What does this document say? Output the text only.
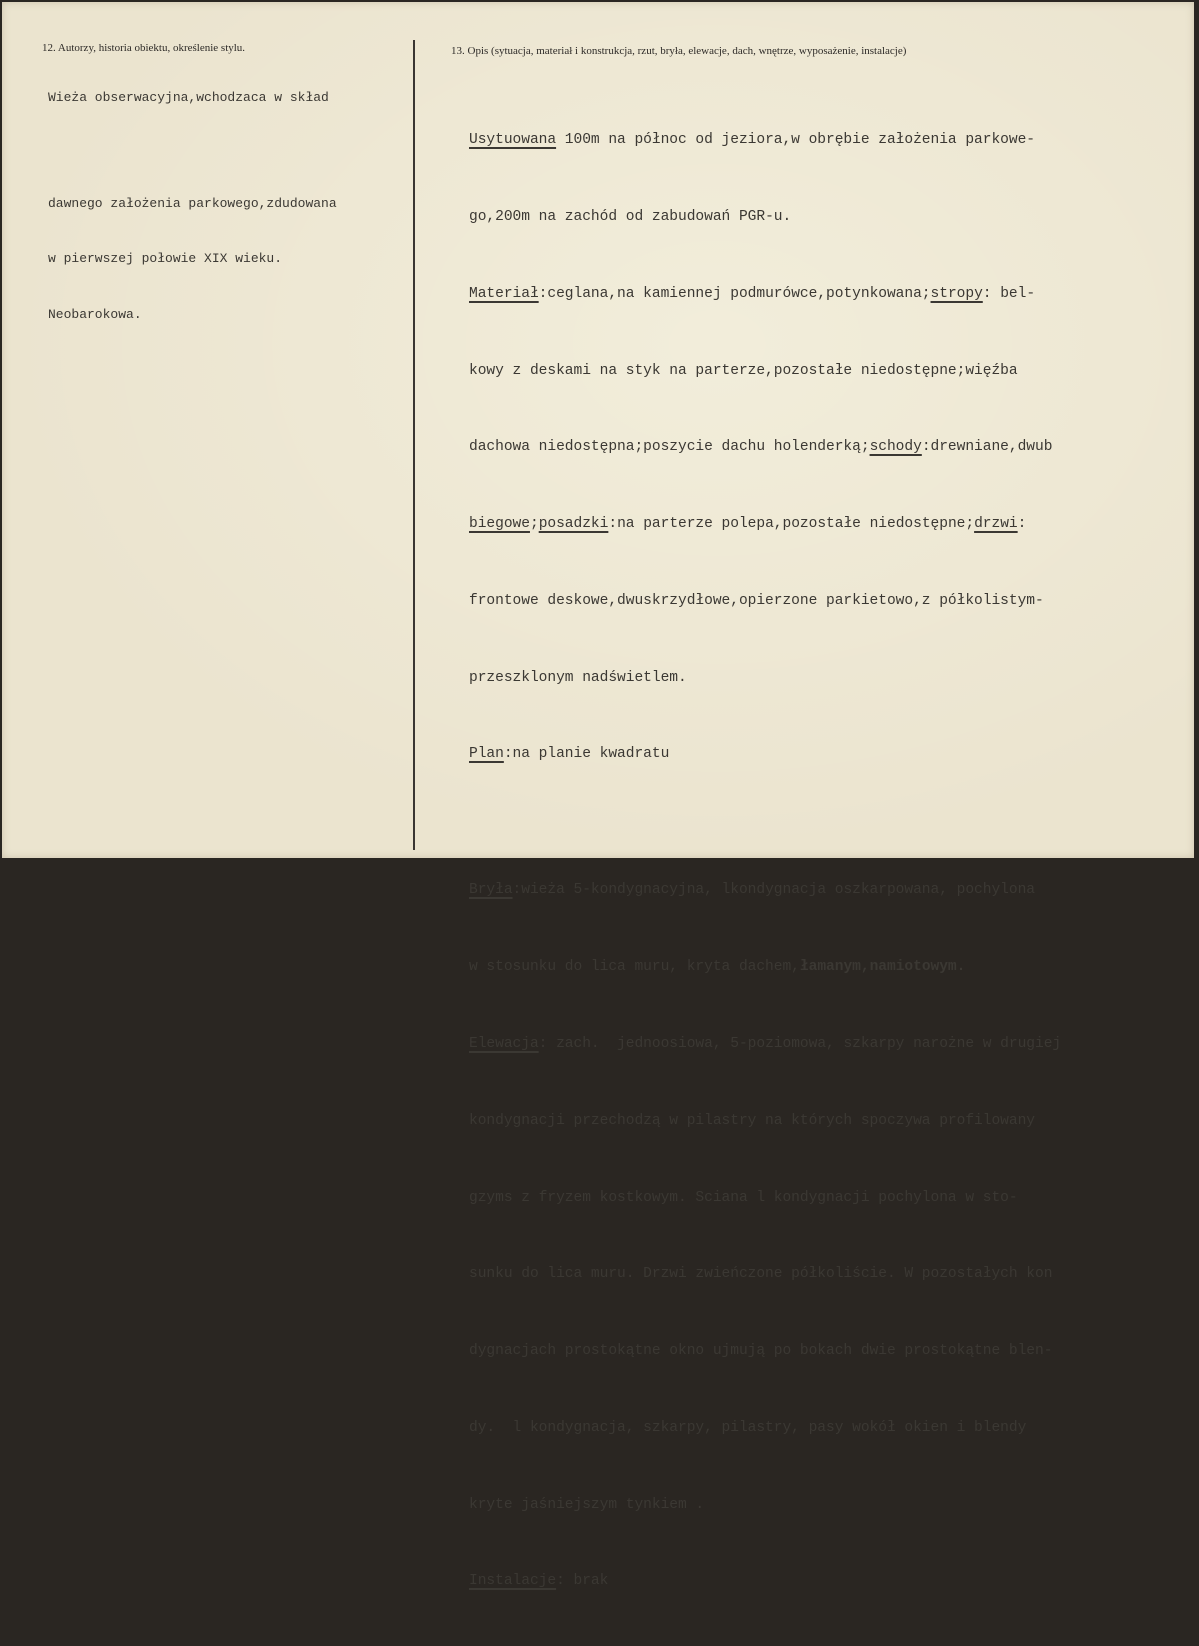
12. Autorzy, historia obiektu, określenie stylu.	13. Opis (sytuacja, materiał i konstrukcja, rzut, bryła, elewacje, dach, wnętrze, wyposażenie, instalacje)

Wieża obserwacyjna,wchodzaca w skład

dawnego założenia parkowego,zdudowana

w pierwszej połowie XIX wieku.

Neobarokowa.

Usytuowana 100m na północ od jeziora,w obrębie założenia parkowe-

go,200m na zachód od zabudowań PGR-u.

Materiał:ceglana,na kamiennej podmurówce,potynkowana;stropy: bel-

kowy z deskami na styk na parterze,pozostałe niedostępne;więźba

dachowa niedostępna;poszycie dachu holenderką;schody:drewniane,dwub

biegowe;posadzki:na parterze polepa,pozostałe niedostępne;drzwi:

frontowe deskowe,dwuskrzydłowe,opierzone parkietowo,z półkolistym-

przeszklonym nadświetlem.

Plan:na planie kwadratu

Bryła:wieża 5-kondygnacyjna, lkondygnacja oszkarpowana, pochylona

w stosunku do lica muru, kryta dachem,łamanym,namiotowym.

Elewacja: zach.  jednoosiowa, 5-poziomowa, szkarpy narożne w drugiej

kondygnacji przechodzą w pilastry na których spoczywa profilowany

gzyms z fryzem kostkowym. Sciana l kondygnacji pochylona w sto-

sunku do lica muru. Drzwi zwieńczone półkoliście. W pozostałych kon

dygnacjach prostokątne okno ujmują po bokach dwie prostokątne blen-

dy.  l kondygnacja, szkarpy, pilastry, pasy wokół okien i blendy

kryte jaśniejszym tynkiem .

Instalacje: brak
